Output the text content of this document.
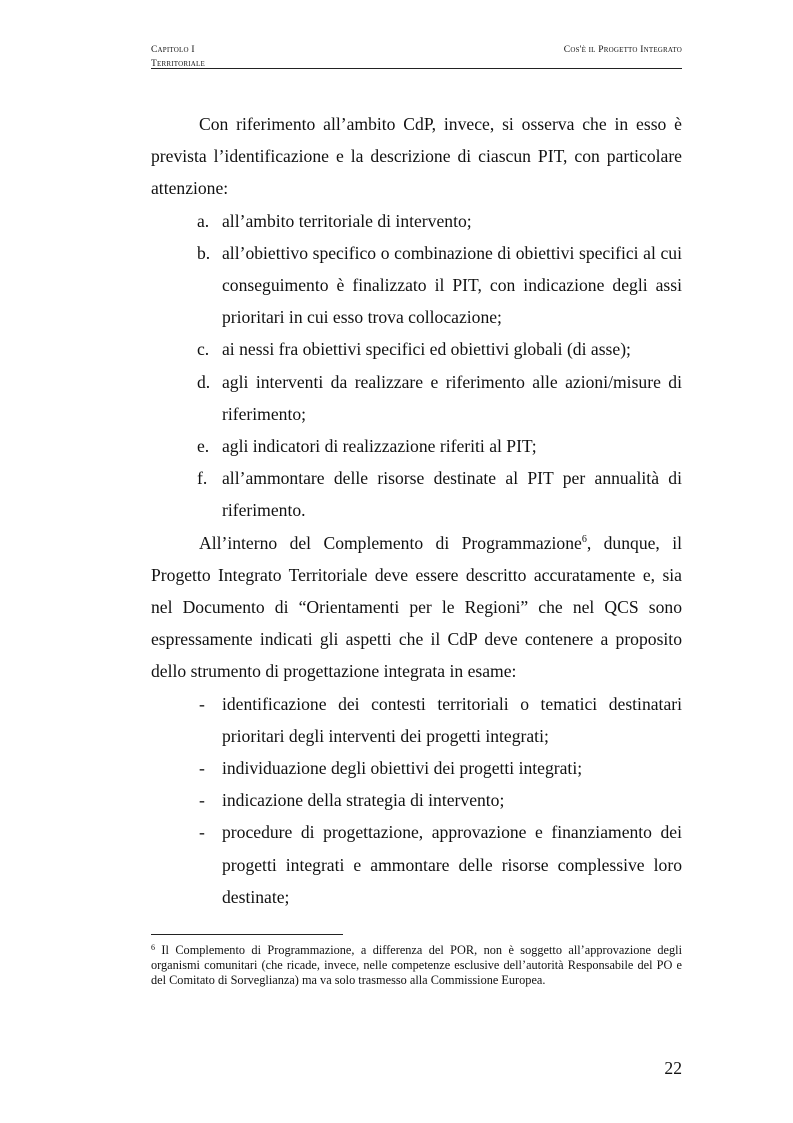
Capitolo I
Territoriale
Cos'è il Progetto Integrato

Con riferimento all’ambito CdP, invece, si osserva che in esso è prevista l’identificazione e la descrizione di ciascun PIT, con particolare attenzione:

a. all’ambito territoriale di intervento;
b. all’obiettivo specifico o combinazione di obiettivi specifici al cui conseguimento è finalizzato il PIT, con indicazione degli assi prioritari in cui esso trova collocazione;
c. ai nessi fra obiettivi specifici ed obiettivi globali (di asse);
d. agli interventi da realizzare e riferimento alle azioni/misure di riferimento;
e. agli indicatori di realizzazione riferiti al PIT;
f. all’ammontare delle risorse destinate al PIT per annualità di riferimento.

All’interno del Complemento di Programmazione$^6$, dunque, il Progetto Integrato Territoriale deve essere descritto accuratamente e, sia nel Documento di “Orientamenti per le Regioni” che nel QCS sono espressamente indicati gli aspetti che il CdP deve contenere a proposito dello strumento di progettazione integrata in esame:

- identificazione dei contesti territoriali o tematici destinatari prioritari degli interventi dei progetti integrati;
- individuazione degli obiettivi dei progetti integrati;
- indicazione della strategia di intervento;
- procedure di progettazione, approvazione e finanziamento dei progetti integrati e ammontare delle risorse complessive loro destinate;
$^6$ Il Complemento di Programmazione, a differenza del POR, non è soggetto all’approvazione degli organismi comunitari (che ricade, invece, nelle competenze esclusive dell’autorità Responsabile del PO e del Comitato di Sorveglianza) ma va solo trasmesso alla Commissione Europea.
22
